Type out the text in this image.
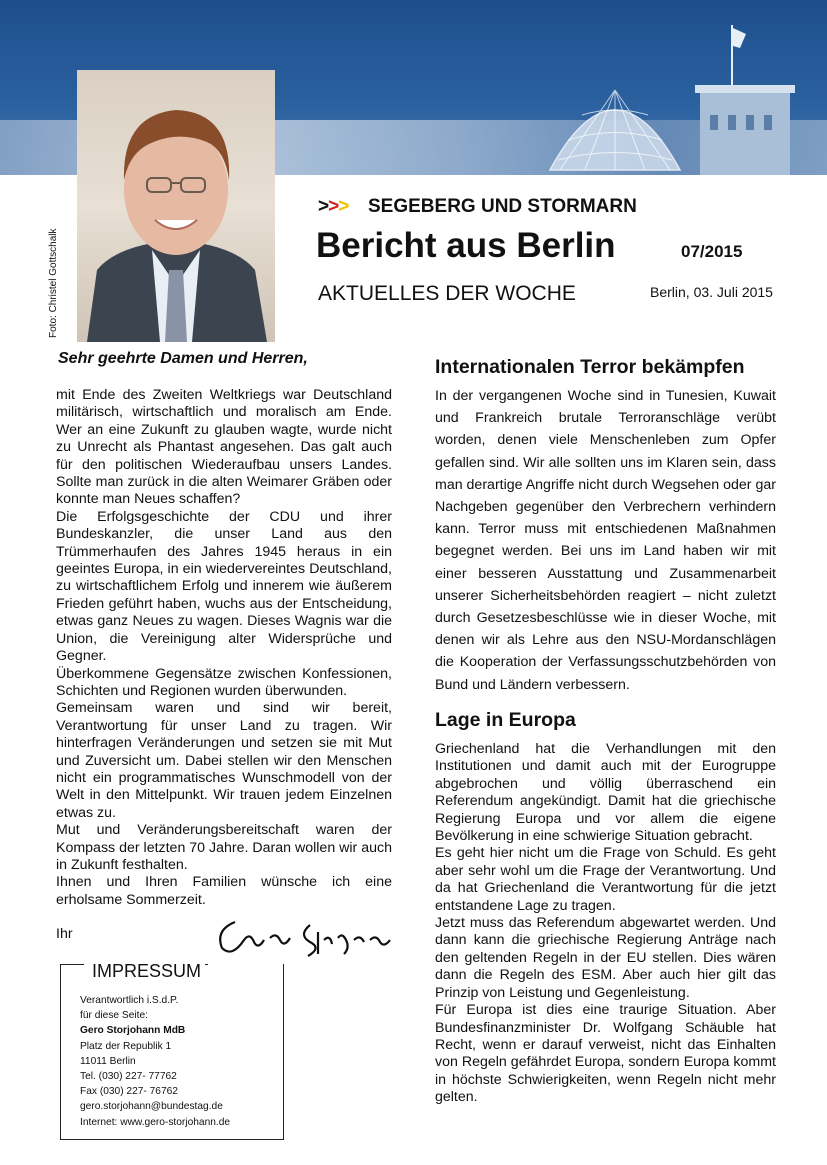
Foto: Christel Gottschalk
>>> SEGEBERG UND STORMARN
Bericht aus Berlin	07/2015
AKTUELLES DER WOCHE	Berlin, 03. Juli 2015
Sehr geehrte Damen und Herren,

mit Ende des Zweiten Weltkriegs war Deutschland militärisch, wirtschaftlich und moralisch am Ende. Wer an eine Zukunft zu glauben wagte, wurde nicht zu Unrecht als Phantast angesehen. Das galt auch für den politischen Wiederaufbau unsers Landes. Sollte man zurück in die alten Weimarer Gräben oder konnte man Neues schaffen?

Die Erfolgsgeschichte der CDU und ihrer Bundeskanzler, die unser Land aus den Trümmerhaufen des Jahres 1945 heraus in ein geeintes Europa, in ein wiedervereintes Deutschland, zu wirtschaftlichem Erfolg und innerem wie äußerem Frieden geführt haben, wuchs aus der Entscheidung, etwas ganz Neues zu wagen. Dieses Wagnis war die Union, die Vereinigung alter Widersprüche und Gegner.

Überkommene Gegensätze zwischen Konfessionen, Schichten und Regionen wurden überwunden.

Gemeinsam waren und sind wir bereit, Verantwortung für unser Land zu tragen. Wir hinterfragen Veränderungen und setzen sie mit Mut und Zuversicht um. Dabei stellen wir den Menschen nicht ein programmatisches Wunschmodell von der Welt in den Mittelpunkt. Wir trauen jedem Einzelnen etwas zu.

Mut und Veränderungsbereitschaft waren der Kompass der letzten 70 Jahre. Daran wollen wir auch in Zukunft festhalten.

Ihnen und Ihren Familien wünsche ich eine erholsame Sommerzeit.

Ihr
IMPRESSUM
Verantwortlich i.S.d.P.
für diese Seite:
Gero Storjohann MdB
Platz der Republik 1
11011 Berlin
Tel. (030) 227- 77762
Fax (030) 227- 76762
gero.storjohann@bundestag.de
Internet: www.gero-storjohann.de
Internationalen Terror bekämpfen

In der vergangenen Woche sind in Tunesien, Kuwait und Frankreich brutale Terroranschläge verübt worden, denen viele Menschenleben zum Opfer gefallen sind. Wir alle sollten uns im Klaren sein, dass man derartige Angriffe nicht durch Wegsehen oder gar Nachgeben gegenüber den Verbrechern verhindern kann. Terror muss mit entschiedenen Maßnahmen begegnet werden. Bei uns im Land haben wir mit einer besseren Ausstattung und Zusammenarbeit unserer Sicherheitsbehörden reagiert – nicht zuletzt durch Gesetzesbeschlüsse wie in dieser Woche, mit denen wir als Lehre aus den NSU-Mordanschlägen die Kooperation der Verfassungsschutzbehörden von Bund und Ländern verbessern.

Lage in Europa

Griechenland hat die Verhandlungen mit den Institutionen und damit auch mit der Eurogruppe abgebrochen und völlig überraschend ein Referendum angekündigt. Damit hat die griechische Regierung Europa und vor allem die eigene Bevölkerung in eine schwierige Situation gebracht.

Es geht hier nicht um die Frage von Schuld. Es geht aber sehr wohl um die Frage der Verantwortung. Und da hat Griechenland die Verantwortung für die jetzt entstandene Lage zu tragen.

Jetzt muss das Referendum abgewartet werden. Und dann kann die griechische Regierung Anträge nach den geltenden Regeln in der EU stellen. Dies wären dann die Regeln des ESM. Aber auch hier gilt das Prinzip von Leistung und Gegenleistung.

Für Europa ist dies eine traurige Situation. Aber Bundesfinanzminister Dr. Wolfgang Schäuble hat Recht, wenn er darauf verweist, nicht das Einhalten von Regeln gefährdet Europa, sondern Europa kommt in höchste Schwierigkeiten, wenn Regeln nicht mehr gelten.
